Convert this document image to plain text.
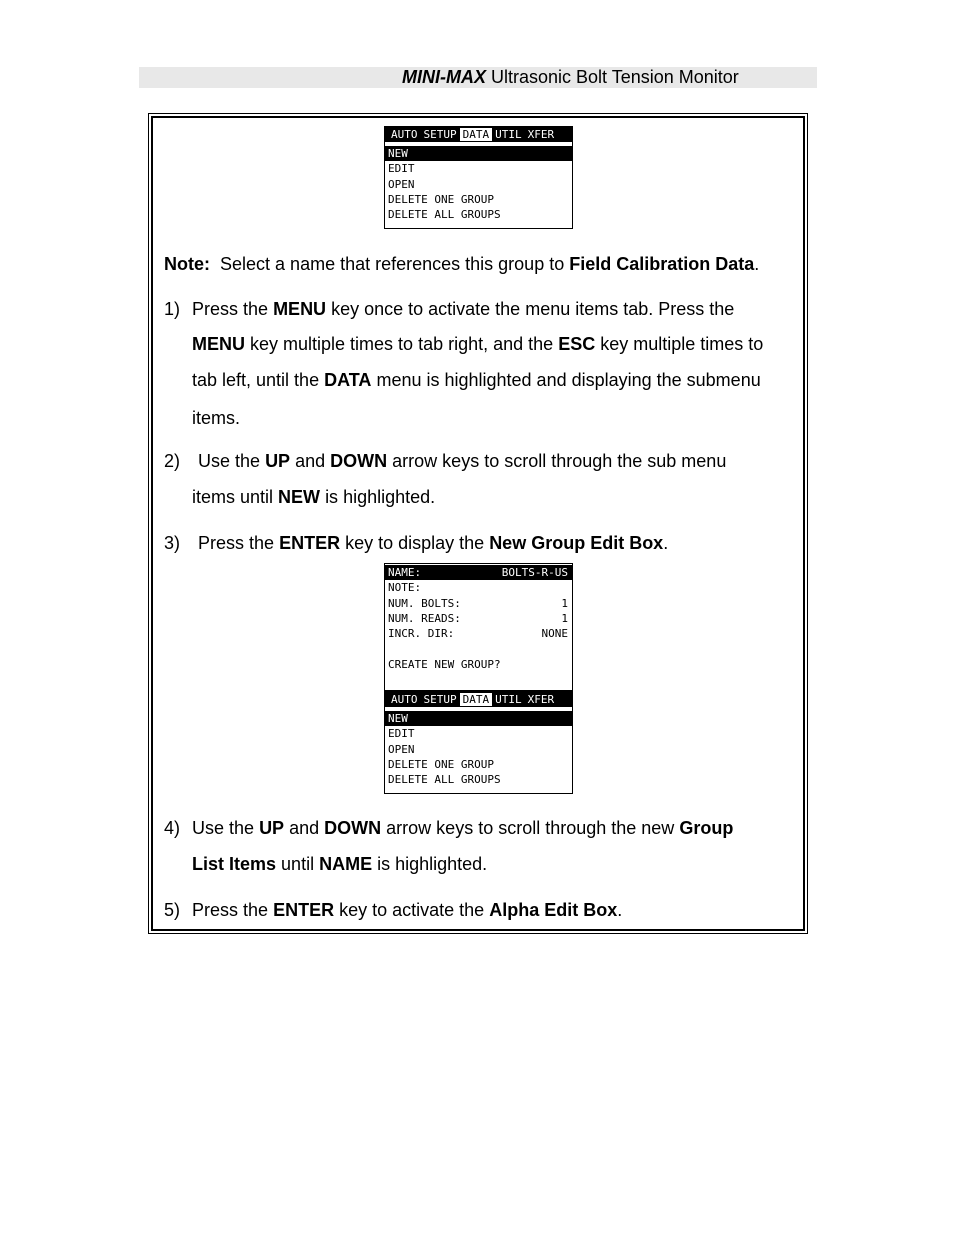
MINI-MAX Ultrasonic Bolt Tension Monitor
AUTO SETUP DATA UTIL XFER
NEW
EDIT
OPEN
DELETE ONE GROUP
DELETE ALL GROUPS
Note: Select a name that references this group to Field Calibration Data.
1) Press the MENU key once to activate the menu items tab. Press the
MENU key multiple times to tab right, and the ESC key multiple times to
tab left, until the DATA menu is highlighted and displaying the submenu
items.
2) Use the UP and DOWN arrow keys to scroll through the sub menu
items until NEW is highlighted.
3) Press the ENTER key to display the New Group Edit Box.
NAME:	BOLTS-R-US
NOTE:
NUM. BOLTS:	1
NUM. READS:	1
INCR. DIR:	NONE
CREATE NEW GROUP?
AUTO SETUP DATA UTIL XFER
NEW
EDIT
OPEN
DELETE ONE GROUP
DELETE ALL GROUPS
4) Use the UP and DOWN arrow keys to scroll through the new Group
List Items until NAME is highlighted.
5) Press the ENTER key to activate the Alpha Edit Box.
